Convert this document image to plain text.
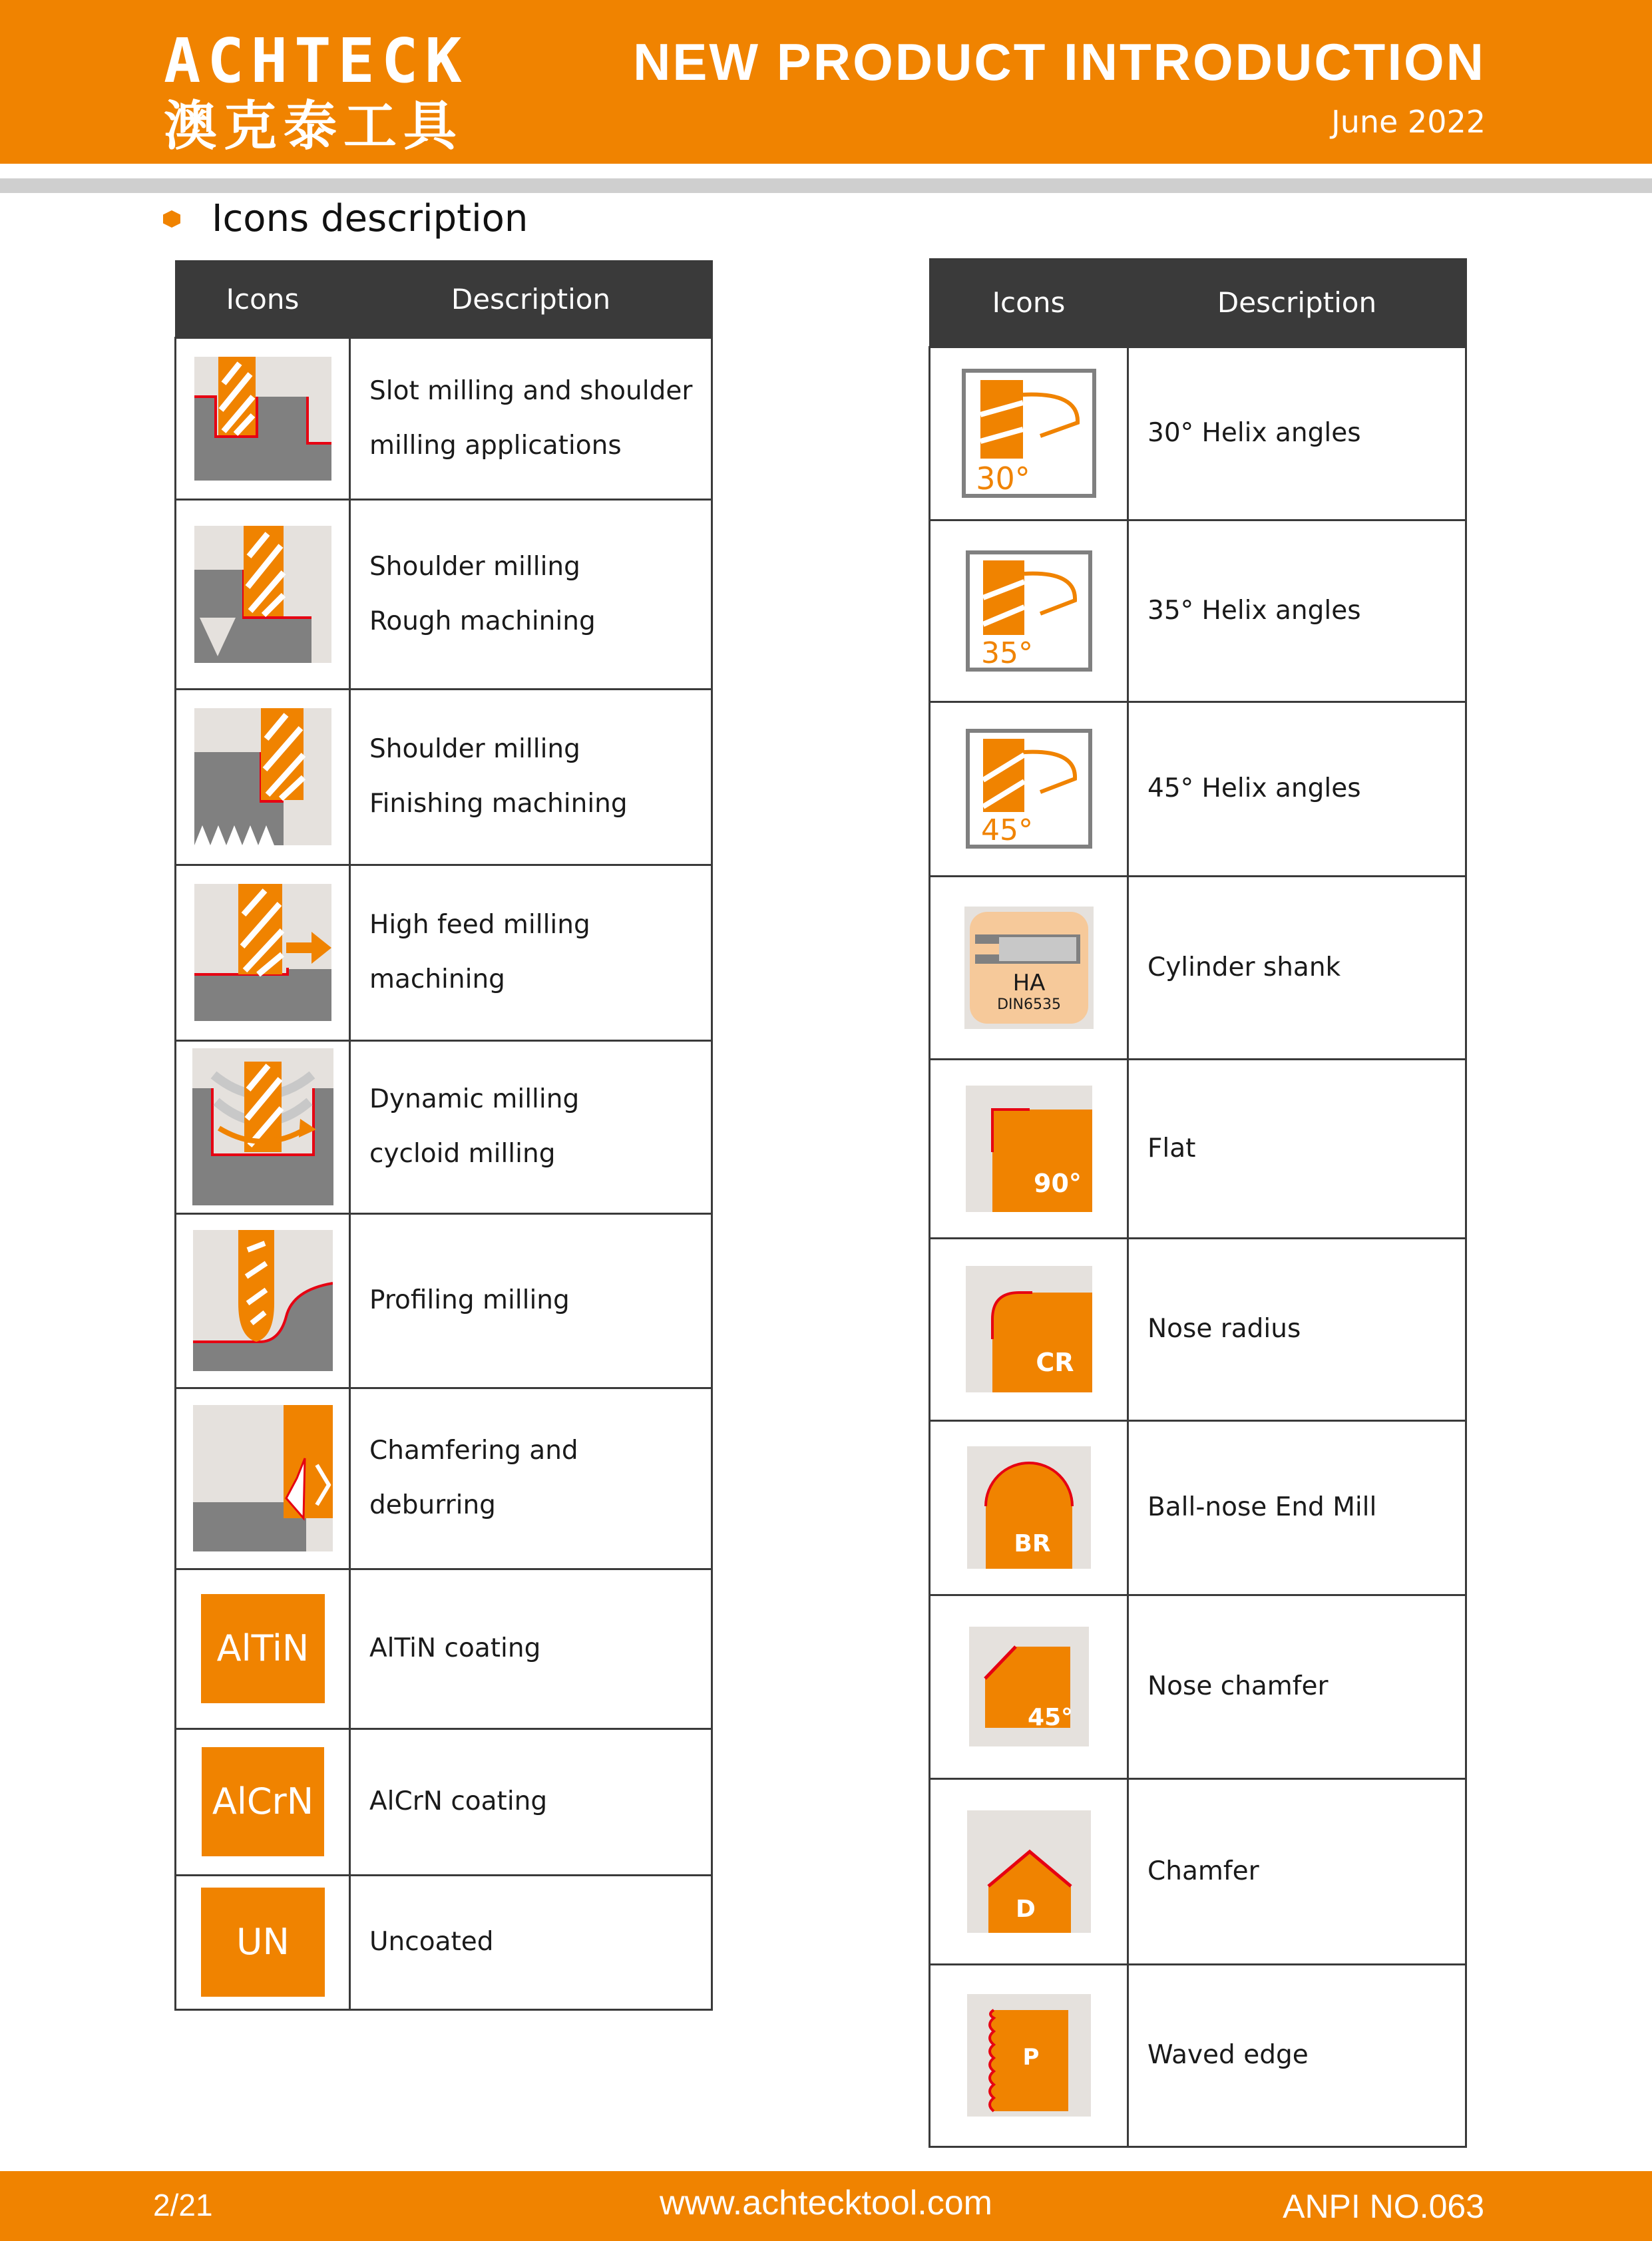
ACHTECK
澳克泰工具
NEW PRODUCT INTRODUCTION
June 2022
Icons description
Icons	Description

Slot milling and shoulder
milling applications

Shoulder milling
Rough machining

Shoulder milling
Finishing machining

High feed milling machining

Dynamic milling
cycloid milling

Profiling milling

Chamfering and deburring

AlTiN	AlTiN coating

AlCrN	AlCrN coating

UN	Uncoated
Icons	Description

30°	30° Helix angles

35°	35° Helix angles

45°	45° Helix angles

HA
DIN6535	Cylinder shank

90°	Flat

CR	Nose radius

BR	Ball-nose End Mill

45°	Nose chamfer

D	Chamfer

P	Waved edge
2/21	www.achtecktool.com	ANPI NO.063
